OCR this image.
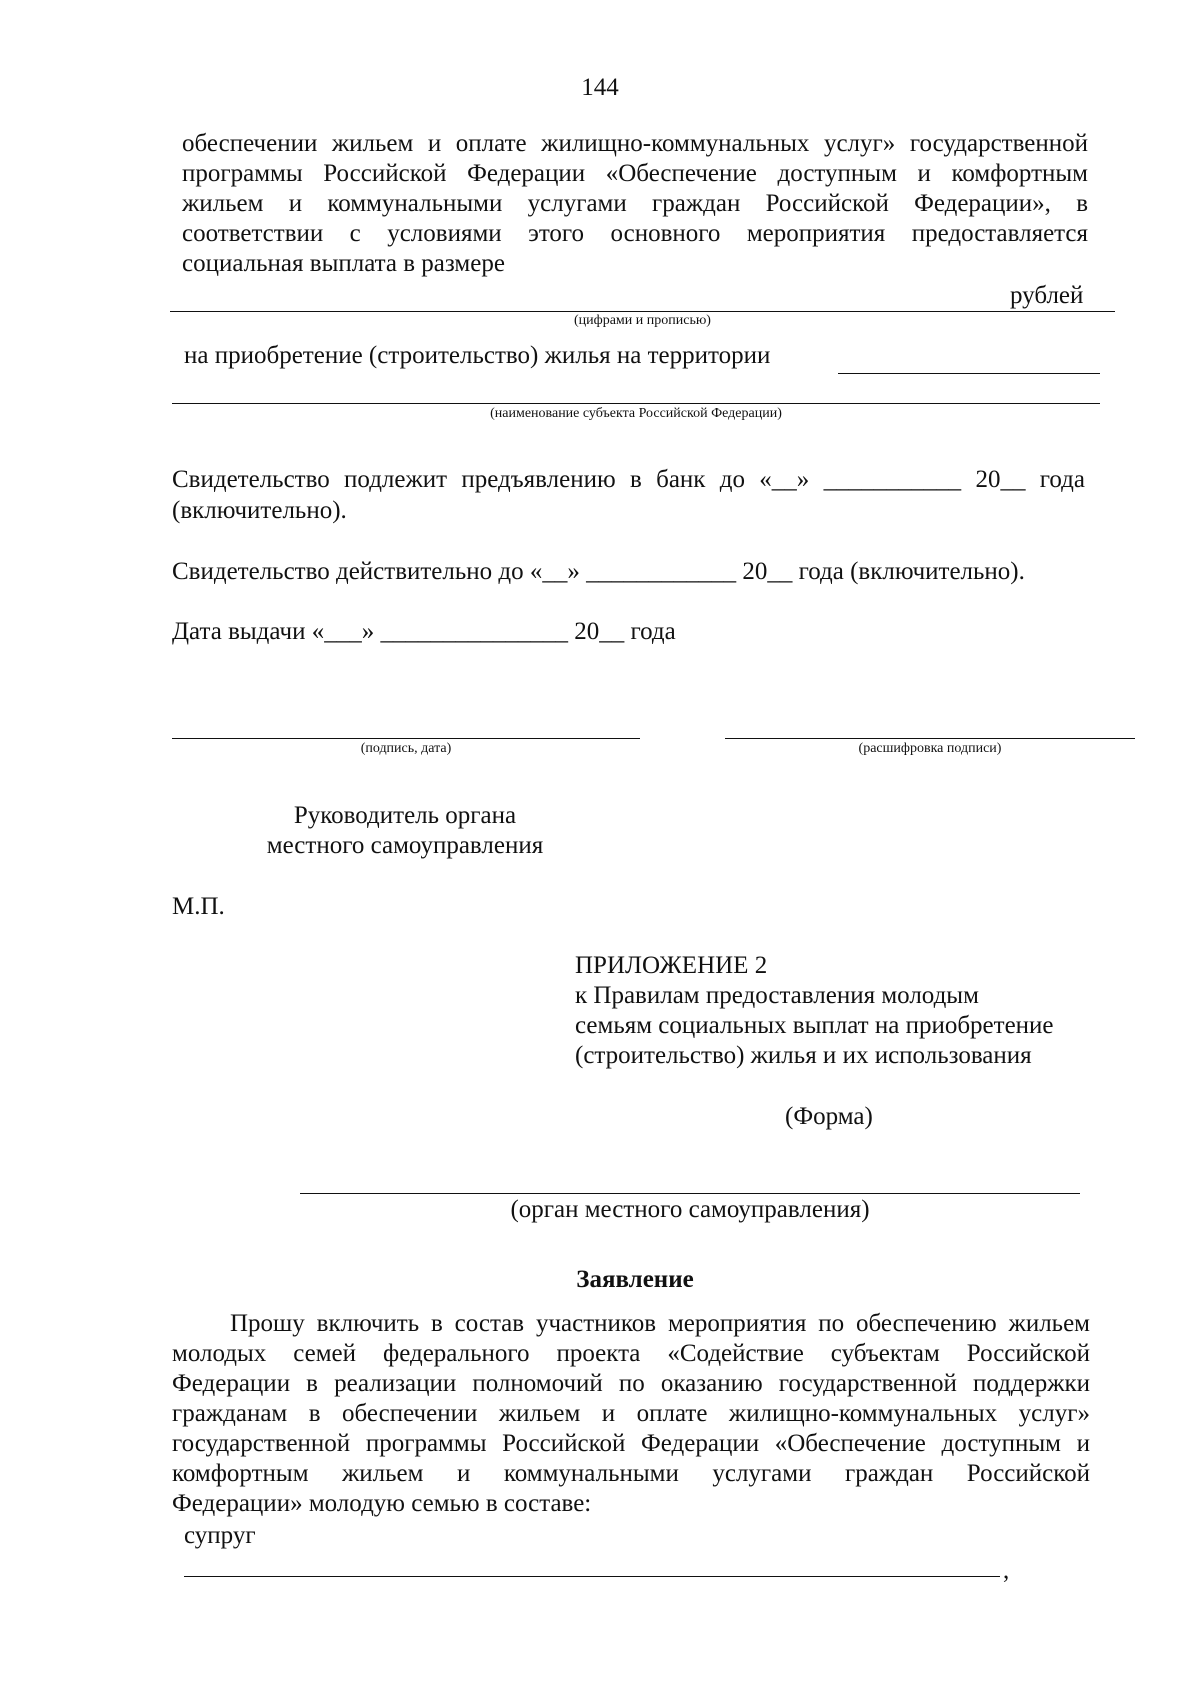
144
обеспечении жильем и оплате жилищно-коммунальных услуг» государственной
программы Российской Федерации «Обеспечение доступным и комфортным
жильем и коммунальными услугами граждан Российской Федерации», в
соответствии с условиями этого основного мероприятия предоставляется
социальная выплата в размере
рублей
(цифрами и прописью)
на приобретение (строительство) жилья на территории
(наименование субъекта Российской Федерации)
Свидетельство подлежит предъявлению в банк до «__» ___________ 20__ года
(включительно).
Свидетельство действительно до «__» ____________ 20__ года (включительно).
Дата выдачи «___» _______________ 20__ года
(подпись, дата)	(расшифровка подписи)
Руководитель органа
местного самоуправления
М.П.
ПРИЛОЖЕНИЕ 2
к Правилам предоставления молодым
семьям социальных выплат на приобретение
(строительство) жилья и их использования
(Форма)
(орган местного самоуправления)
Заявление
Прошу включить в состав участников мероприятия по обеспечению жильем
молодых семей федерального проекта «Содействие субъектам Российской
Федерации в реализации полномочий по оказанию государственной поддержки
гражданам в обеспечении жильем и оплате жилищно-коммунальных услуг»
государственной программы Российской Федерации «Обеспечение доступным и
комфортным жильем и коммунальными услугами граждан Российской
Федерации» молодую семью в составе:
супруг
,
